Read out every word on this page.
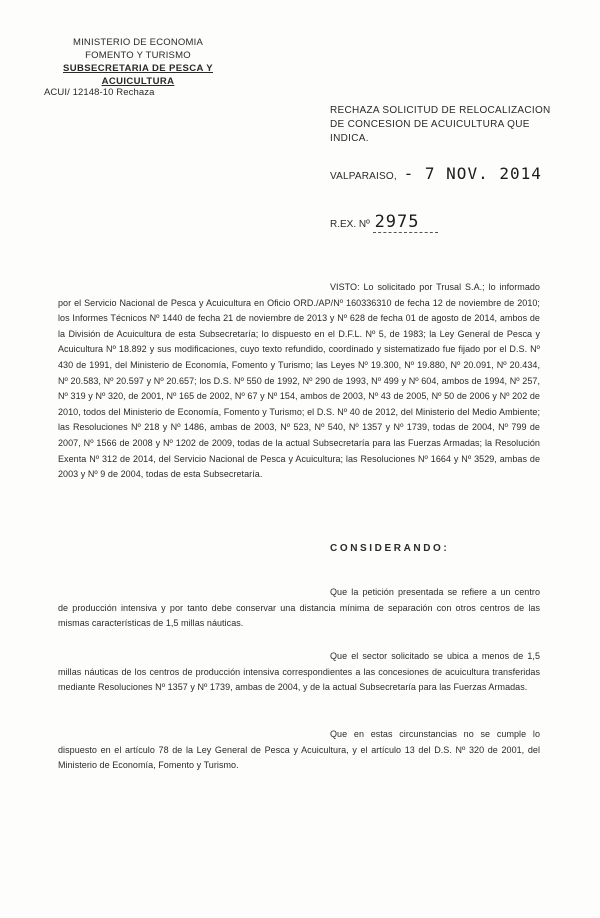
MINISTERIO DE ECONOMIA
FOMENTO Y TURISMO
SUBSECRETARIA DE PESCA Y ACUICULTURA
ACUI/ 12148-10 Rechaza
RECHAZA SOLICITUD DE RELOCALIZACION DE CONCESION DE ACUICULTURA QUE INDICA.
VALPARAISO, - 7 NOV. 2014
R.EX. Nº 2975
VISTO: Lo solicitado por Trusal S.A.; lo informado por el Servicio Nacional de Pesca y Acuicultura en Oficio ORD./AP/Nº 160336310 de fecha 12 de noviembre de 2010; los Informes Técnicos Nº 1440 de fecha 21 de noviembre de 2013 y Nº 628 de fecha 01 de agosto de 2014, ambos de la División de Acuicultura de esta Subsecretaría; lo dispuesto en el D.F.L. Nº 5, de 1983; la Ley General de Pesca y Acuicultura Nº 18.892 y sus modificaciones, cuyo texto refundido, coordinado y sistematizado fue fijado por el D.S. Nº 430 de 1991, del Ministerio de Economía, Fomento y Turismo; las Leyes Nº 19.300, Nº 19.880, Nº 20.091, Nº 20.434, Nº 20.583, Nº 20.597 y Nº 20.657; los D.S. Nº 550 de 1992, Nº 290 de 1993, Nº 499 y Nº 604, ambos de 1994, Nº 257, Nº 319 y Nº 320, de 2001, Nº 165 de 2002, Nº 67 y Nº 154, ambos de 2003, Nº 43 de 2005, Nº 50 de 2006 y Nº 202 de 2010, todos del Ministerio de Economía, Fomento y Turismo; el D.S. Nº 40 de 2012, del Ministerio del Medio Ambiente; las Resoluciones Nº 218 y Nº 1486, ambas de 2003, Nº 523, Nº 540, Nº 1357 y Nº 1739, todas de 2004, Nº 799 de 2007, Nº 1566 de 2008 y Nº 1202 de 2009, todas de la actual Subsecretaría para las Fuerzas Armadas; la Resolución Exenta Nº 312 de 2014, del Servicio Nacional de Pesca y Acuicultura; las Resoluciones Nº 1664 y Nº 3529, ambas de 2003 y Nº 9 de 2004, todas de esta Subsecretaría.
CONSIDERANDO:
Que la petición presentada se refiere a un centro de producción intensiva y por tanto debe conservar una distancia mínima de separación con otros centros de las mismas características de 1,5 millas náuticas.
Que el sector solicitado se ubica a menos de 1,5 millas náuticas de los centros de producción intensiva correspondientes a las concesiones de acuicultura transferidas mediante Resoluciones Nº 1357 y Nº 1739, ambas de 2004, y de la actual Subsecretaría para las Fuerzas Armadas.
Que en estas circunstancias no se cumple lo dispuesto en el artículo 78 de la Ley General de Pesca y Acuicultura, y el artículo 13 del D.S. Nº 320 de 2001, del Ministerio de Economía, Fomento y Turismo.
